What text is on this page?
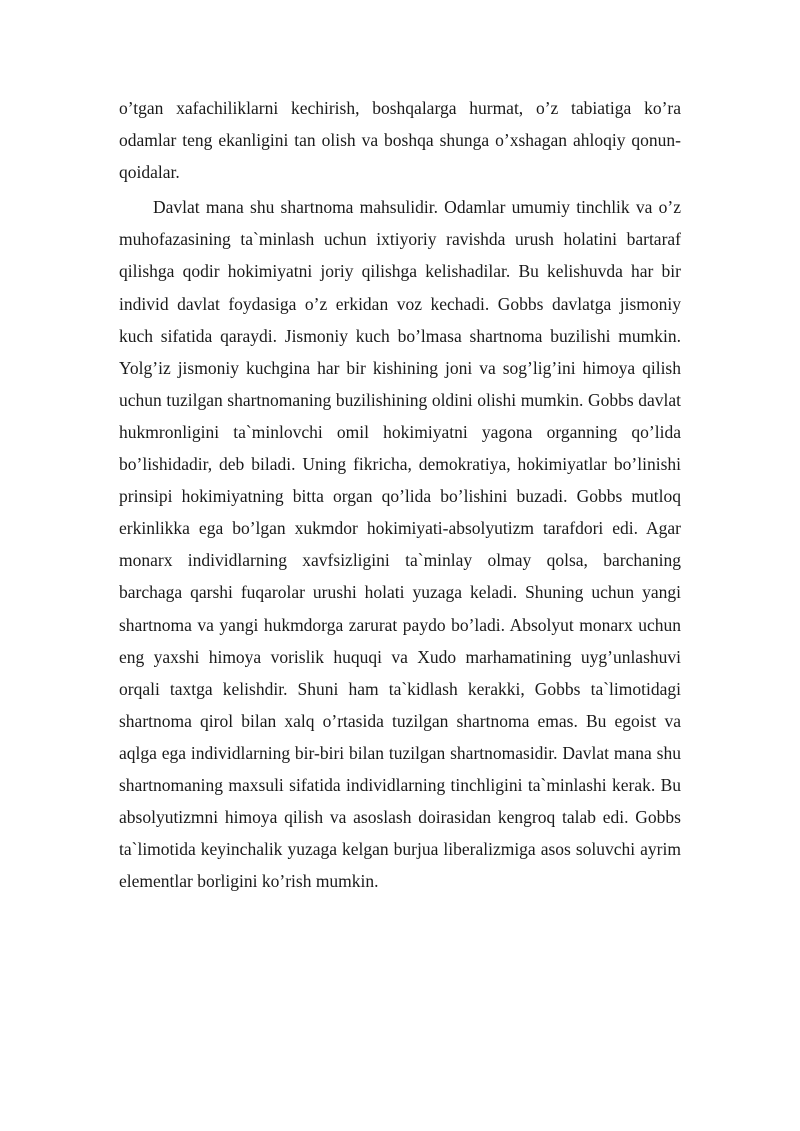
o’tgan xafachiliklarni kechirish, boshqalarga hurmat, o’z tabiatiga ko’ra odamlar teng ekanligini tan olish va boshqa shunga o’xshagan ahloqiy qonun-qoidalar.

Davlat mana shu shartnoma mahsulidir. Odamlar umumiy tinchlik va o’z muhofazasining ta`minlash uchun ixtiyoriy ravishda urush holatini bartaraf qilishga qodir hokimiyatni joriy qilishga kelishadilar. Bu kelishuvda har bir individ davlat foydasiga o’z erkidan voz kechadi. Gobbs davlatga jismoniy kuch sifatida qaraydi. Jismoniy kuch bo’lmasa shartnoma buzilishi mumkin. Yolg’iz jismoniy kuchgina har bir kishining joni va sog’lig’ini himoya qilish uchun tuzilgan shartnomaning buzilishining oldini olishi mumkin. Gobbs davlat hukmronligini ta`minlovchi omil hokimiyatni yagona organning qo’lida bo’lishidadir, deb biladi. Uning fikricha, demokratiya, hokimiyatlar bo’linishi prinsipi hokimiyatning bitta organ qo’lida bo’lishini buzadi. Gobbs mutloq erkinlikka ega bo’lgan xukmdor hokimiyati-absolyutizm tarafdori edi. Agar monarx individlarning xavfsizligini ta`minlay olmay qolsa, barchaning barchaga qarshi fuqarolar urushi holati yuzaga keladi. Shuning uchun yangi shartnoma va yangi hukmdorga zarurat paydo bo’ladi. Absolyut monarx uchun eng yaxshi himoya vorislik huquqi va Xudo marhamatining uyg’unlashuvi orqali taxtga kelishdir. Shuni ham ta`kidlash kerakki, Gobbs ta`limotidagi shartnoma qirol bilan xalq o’rtasida tuzilgan shartnoma emas. Bu egoist va aqlga ega individlarning bir-biri bilan tuzilgan shartnomasidir. Davlat mana shu shartnomaning maxsuli sifatida individlarning tinchligini ta`minlashi kerak. Bu absolyutizmni himoya qilish va asoslash doirasidan kengroq talab edi. Gobbs ta`limotida keyinchalik yuzaga kelgan burjua liberalizmiga asos soluvchi ayrim elementlar borligini ko’rish mumkin.
